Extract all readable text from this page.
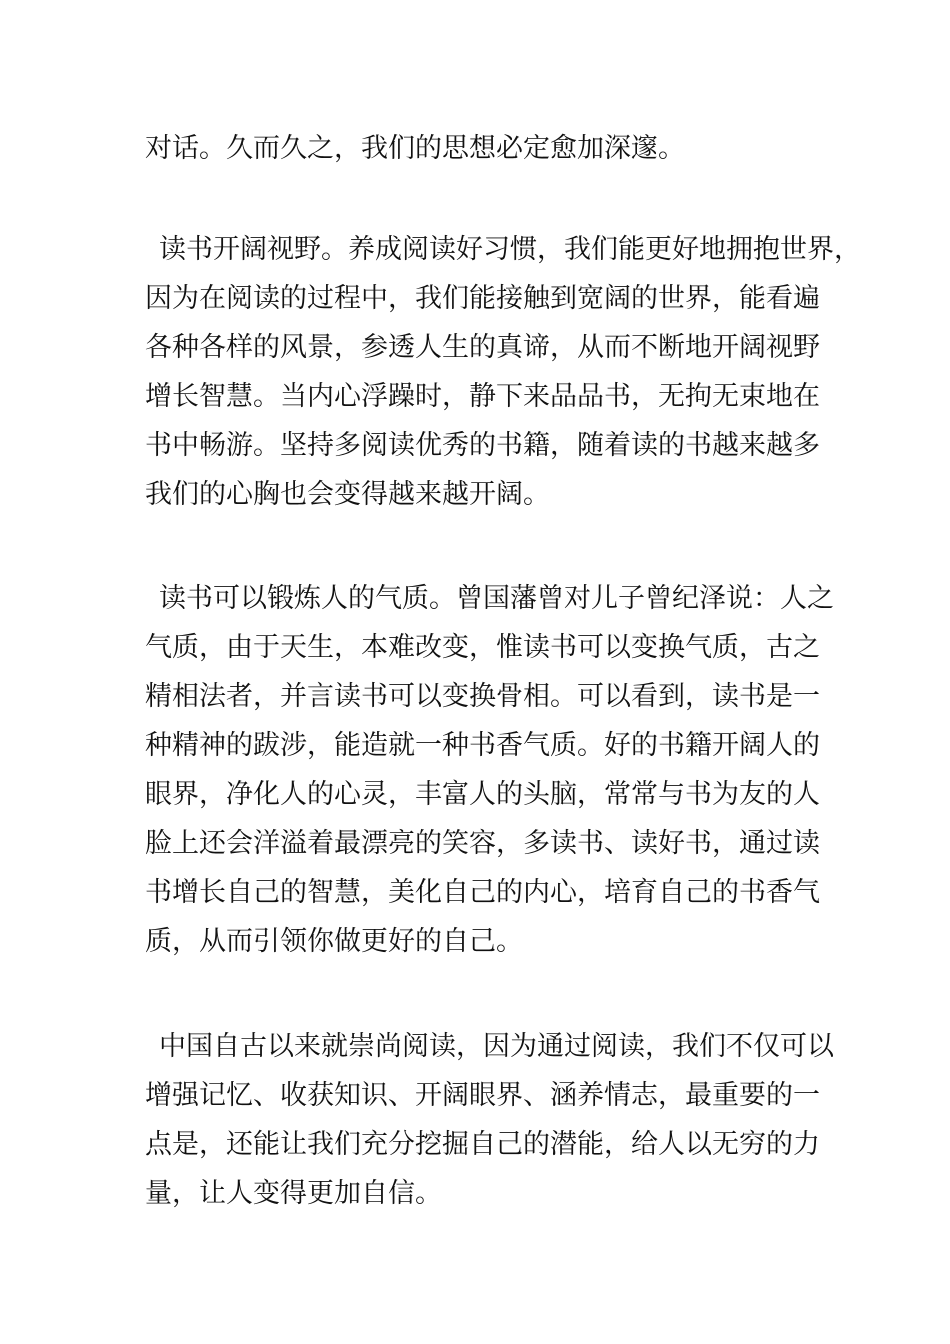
对话。久而久之，我们的思想必定愈加深邃。
读书开阔视野。养成阅读好习惯，我们能更好地拥抱世界，
因为在阅读的过程中，我们能接触到宽阔的世界，能看遍
各种各样的风景，参透人生的真谛，从而不断地开阔视野
增长智慧。当内心浮躁时，静下来品品书，无拘无束地在
书中畅游。坚持多阅读优秀的书籍，随着读的书越来越多
我们的心胸也会变得越来越开阔。
读书可以锻炼人的气质。曾国藩曾对儿子曾纪泽说：人之
气质，由于天生，本难改变，惟读书可以变换气质，古之
精相法者，并言读书可以变换骨相。可以看到，读书是一
种精神的跋涉，能造就一种书香气质。好的书籍开阔人的
眼界，净化人的心灵，丰富人的头脑，常常与书为友的人
脸上还会洋溢着最漂亮的笑容，多读书、读好书，通过读
书增长自己的智慧，美化自己的内心，培育自己的书香气
质，从而引领你做更好的自己。
中国自古以来就崇尚阅读，因为通过阅读，我们不仅可以
增强记忆、收获知识、开阔眼界、涵养情志，最重要的一
点是，还能让我们充分挖掘自己的潜能，给人以无穷的力
量，让人变得更加自信。
